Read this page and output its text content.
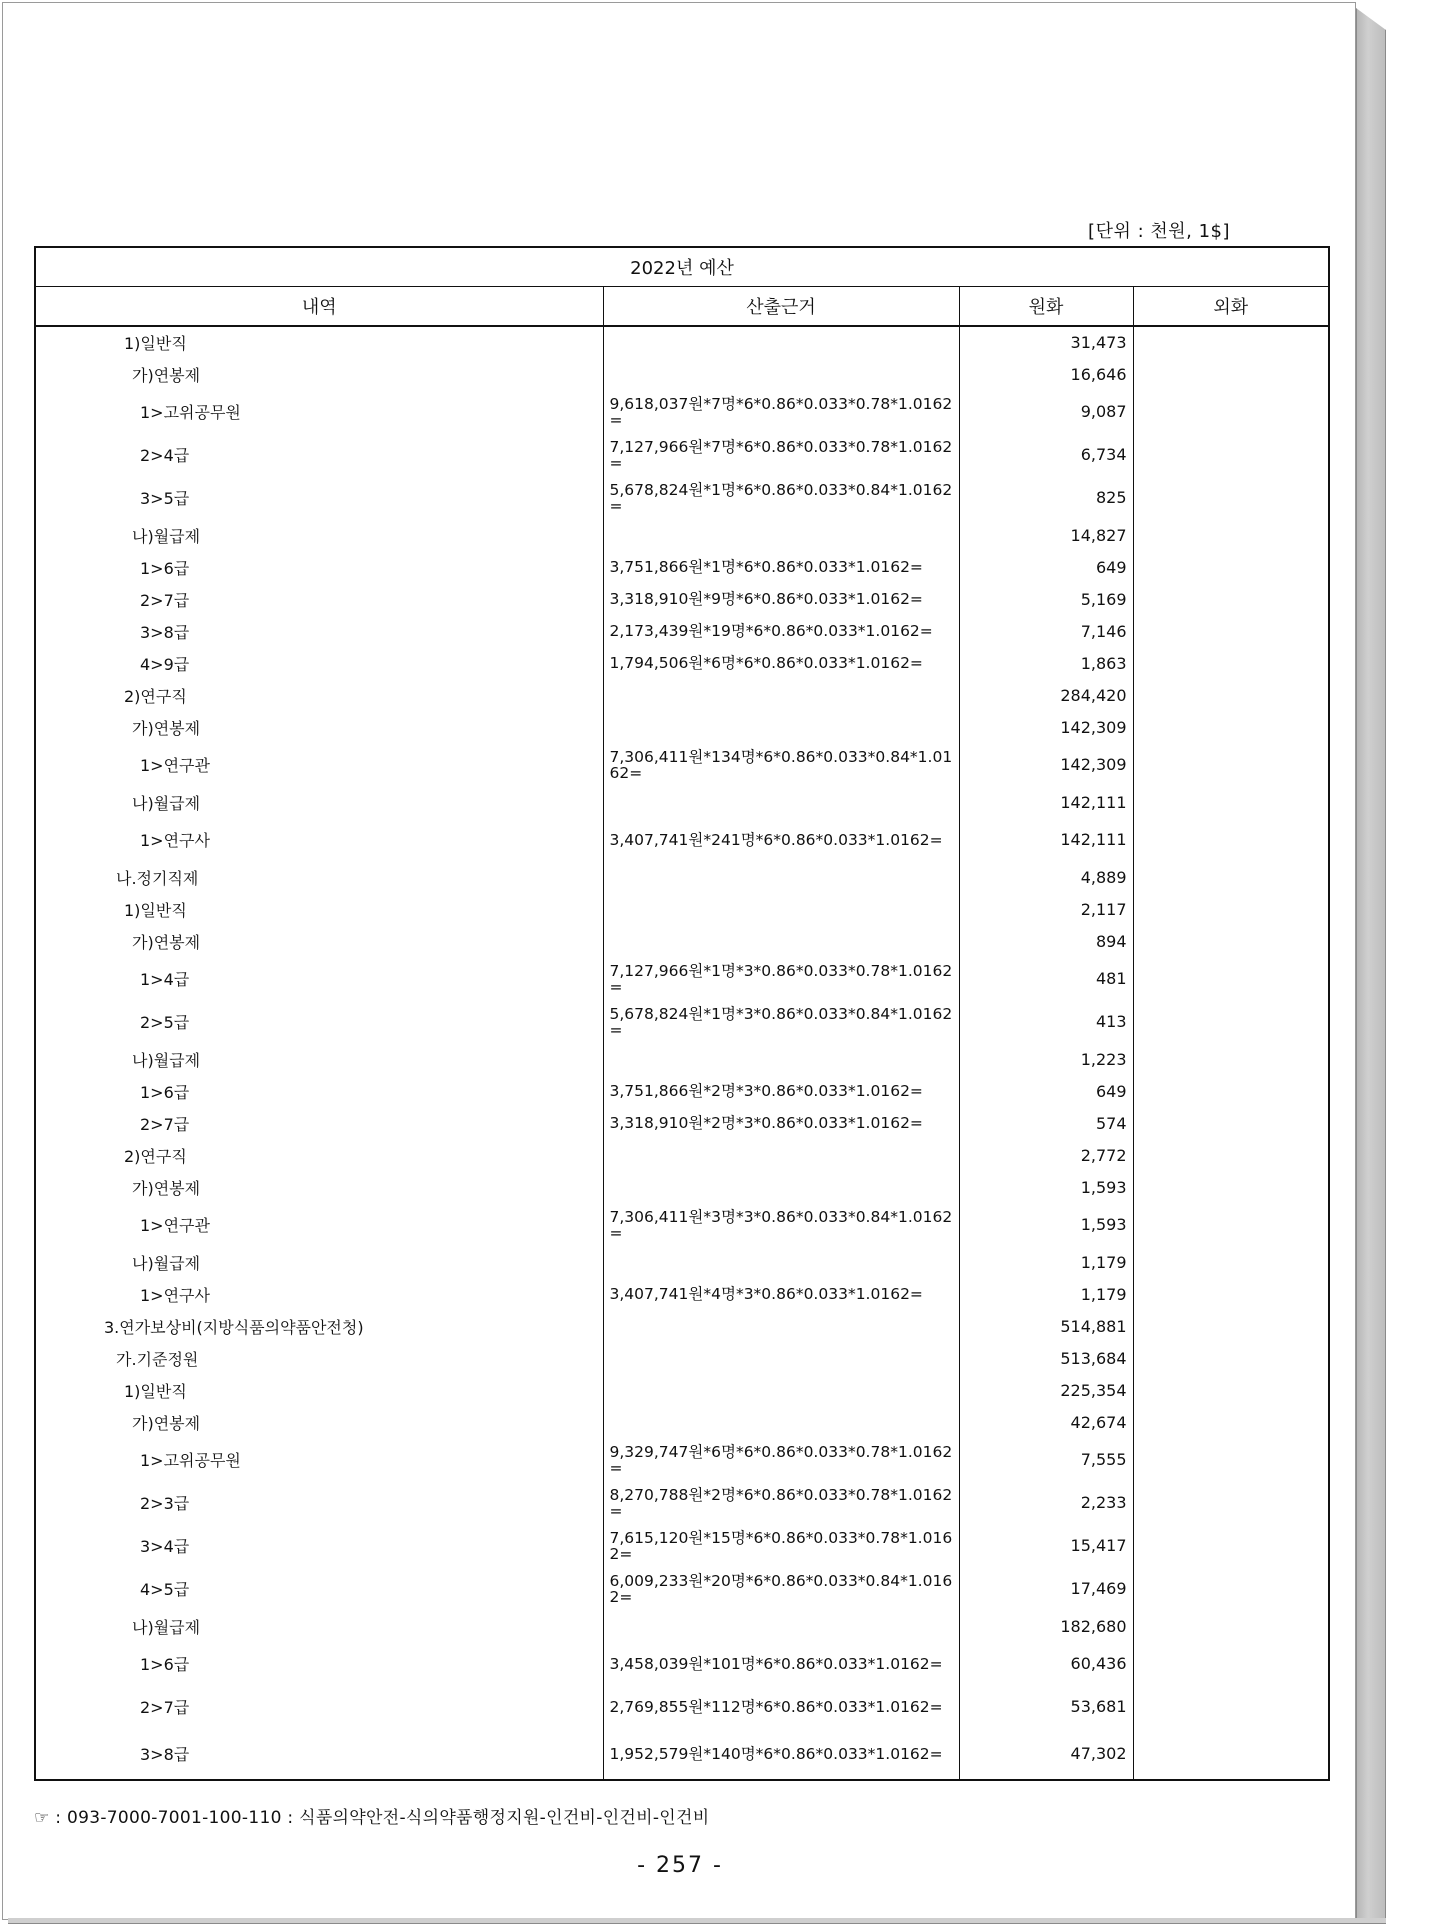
[단위 : 천원, 1$]
2022년 예산			
내역	산출근거	원화	외화
1)일반직		31,473	
가)연봉제		16,646	
1>고위공무원	9,618,037원*7명*6*0.86*0.033*0.78*1.0162=	9,087	
2>4급	7,127,966원*7명*6*0.86*0.033*0.78*1.0162=	6,734	
3>5급	5,678,824원*1명*6*0.86*0.033*0.84*1.0162=	825	
나)월급제		14,827	
1>6급	3,751,866원*1명*6*0.86*0.033*1.0162=	649	
2>7급	3,318,910원*9명*6*0.86*0.033*1.0162=	5,169	
3>8급	2,173,439원*19명*6*0.86*0.033*1.0162=	7,146	
4>9급	1,794,506원*6명*6*0.86*0.033*1.0162=	1,863	
2)연구직		284,420	
가)연봉제		142,309	
1>연구관	7,306,411원*134명*6*0.86*0.033*0.84*1.0162=	142,309	
나)월급제		142,111	
1>연구사	3,407,741원*241명*6*0.86*0.033*1.0162=	142,111	
나.정기직제		4,889	
1)일반직		2,117	
가)연봉제		894	
1>4급	7,127,966원*1명*3*0.86*0.033*0.78*1.0162=	481	
2>5급	5,678,824원*1명*3*0.86*0.033*0.84*1.0162=	413	
나)월급제		1,223	
1>6급	3,751,866원*2명*3*0.86*0.033*1.0162=	649	
2>7급	3,318,910원*2명*3*0.86*0.033*1.0162=	574	
2)연구직		2,772	
가)연봉제		1,593	
1>연구관	7,306,411원*3명*3*0.86*0.033*0.84*1.0162=	1,593	
나)월급제		1,179	
1>연구사	3,407,741원*4명*3*0.86*0.033*1.0162=	1,179	
3.연가보상비(지방식품의약품안전청)		514,881	
가.기준정원		513,684	
1)일반직		225,354	
가)연봉제		42,674	
1>고위공무원	9,329,747원*6명*6*0.86*0.033*0.78*1.0162=	7,555	
2>3급	8,270,788원*2명*6*0.86*0.033*0.78*1.0162=	2,233	
3>4급	7,615,120원*15명*6*0.86*0.033*0.78*1.0162=	15,417	
4>5급	6,009,233원*20명*6*0.86*0.033*0.84*1.0162=	17,469	
나)월급제		182,680	
1>6급	3,458,039원*101명*6*0.86*0.033*1.0162=	60,436	
2>7급	2,769,855원*112명*6*0.86*0.033*1.0162=	53,681	
3>8급	1,952,579원*140명*6*0.86*0.033*1.0162=	47,302	
☞ : 093-7000-7001-100-110 : 식품의약안전-식의약품행정지원-인건비-인건비-인건비
- 257 -
